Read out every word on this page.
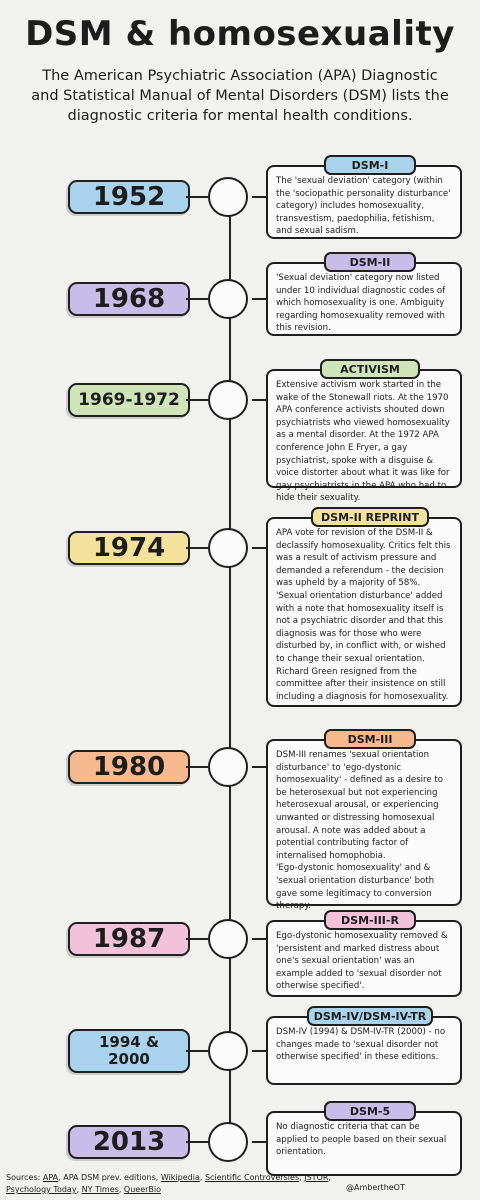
DSM & homosexuality
The American Psychiatric Association (APA) Diagnostic and Statistical Manual of Mental Disorders (DSM) lists the diagnostic criteria for mental health conditions.
1952

The 'sexual deviation' category (within the 'sociopathic personality disturbance' category) includes homosexuality, transvestism, paedophilia, fetishism, and sexual sadism.

DSM-I
1968

'Sexual deviation' category now listed under 10 individual diagnostic codes of which homosexuality is one. Ambiguity regarding homosexuality removed with this revision.

DSM-II
1969-1972

Extensive activism work started in the wake of the Stonewall riots. At the 1970 APA conference activists shouted down psychiatrists who viewed homosexuality as a mental disorder. At the 1972 APA conference John E Fryer, a gay psychiatrist, spoke with a disguise & voice distorter about what it was like for gay psychiatrists in the APA who had to hide their sexuality.

ACTIVISM
1974	APA vote for revision of the DSM-II & declassify homosexuality. Critics felt this was a result of activism pressure and demanded a referendum - the decision was upheld by a majority of 58%.

'Sexual orientation disturbance' added with a note that homosexuality itself is not a psychiatric disorder and that this diagnosis was for those who were disturbed by, in conflict with, or wished to change their sexual orientation.

Richard Green resigned from the committee after their insistence on still including a diagnosis for homosexuality.

DSM-II REPRINT
1980	DSM-III renames 'sexual orientation disturbance' to 'ego-dystonic homosexuality' - defined as a desire to be heterosexual but not experiencing heterosexual arousal, or experiencing unwanted or distressing homosexual arousal. A note was added about a potential contributing factor of internalised homophobia.

'Ego-dystonic homosexuality' and & 'sexual orientation disturbance' both gave some legitimacy to conversion therapy.

DSM-III
1987	Ego-dystonic homosexuality removed & 'persistent and marked distress about one's sexual orientation' was an example added to 'sexual disorder not otherwise specified'.

DSM-III-R
1994 &
2000

DSM-IV (1994) & DSM-IV-TR (2000) - no changes made to 'sexual disorder not otherwise specified' in these editions.

DSM-IV/DSM-IV-TR
2013	No diagnostic criteria that can be applied to people based on their sexual orientation.

DSM-5
Sources: APA, APA DSM prev. editions, Wikipedia, Scientific Controversies, JSTOR, Psychology Today, NY Times, QueerBio	@AmbertheOT
